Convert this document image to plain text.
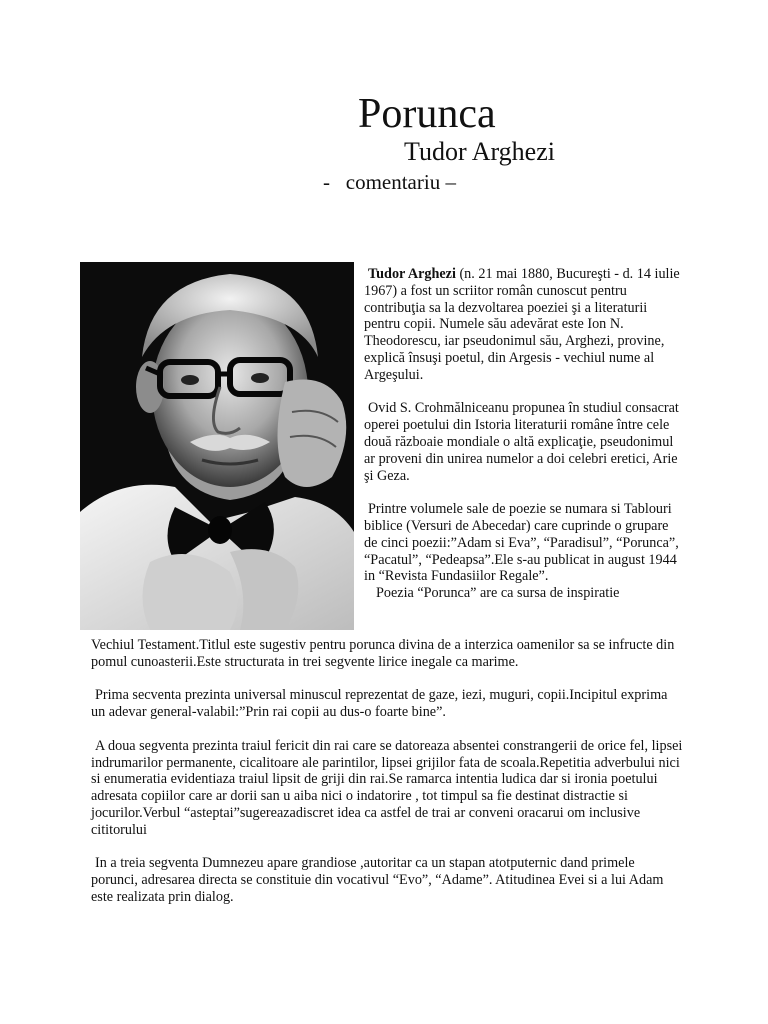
Porunca
Tudor Arghezi
-   comentariu –

Tudor Arghezi (n. 21 mai 1880, Bucureşti - d. 14 iulie 1967) a fost un scriitor român cunoscut pentru contribuţia sa la dezvoltarea poeziei şi a literaturii pentru copii. Numele său adevărat este Ion N. Theodorescu, iar pseudonimul său, Arghezi, provine, explică însuşi poetul, din Argesis - vechiul nume al Argeşului.

Ovid S. Crohmălniceanu propunea în studiul consacrat operei poetului din Istoria literaturii române între cele două războaie mondiale o altă explicaţie, pseudonimul ar proveni din unirea numelor a doi celebri eretici, Arie şi Geza.

Printre volumele sale de poezie se numara si Tablouri biblice (Versuri de Abecedar) care cuprinde o grupare de cinci poezii:”Adam si Eva”, “Paradisul”, “Porunca”, “Pacatul”, “Pedeapsa”.Ele s-au publicat in august 1944 in “Revista Fundasiilor Regale”.

Poezia “Porunca” are ca sursa de inspiratie

Vechiul Testament.Titlul este sugestiv pentru porunca divina de a interzica oamenilor sa se infructe din pomul cunoasterii.Este structurata in trei segvente lirice inegale ca marime.

Prima secventa prezinta universal minuscul reprezentat de gaze, iezi, muguri, copii.Incipitul exprima un adevar general-valabil:”Prin rai copii au dus-o foarte bine”.

A doua segventa prezinta traiul fericit din rai care se datoreaza absentei constrangerii de orice fel, lipsei indrumarilor permanente, cicalitoare ale parintilor, lipsei grijilor fata de scoala.Repetitia adverbului nici si enumeratia evidentiaza traiul lipsit de griji din rai.Se ramarca intentia ludica dar si ironia poetului adresata copiilor care ar dorii san u aiba nici o indatorire , tot timpul sa fie destinat distractie si jocurilor.Verbul “asteptai”sugereazadiscret idea ca astfel de trai ar conveni oracarui om inclusive cititorului

In a treia segventa Dumnezeu apare grandiose ,autoritar ca un stapan atotputernic dand primele porunci, adresarea directa se constituie din vocativul “Evo”, “Adame”. Atitudinea Evei si a lui Adam este realizata prin dialog.
